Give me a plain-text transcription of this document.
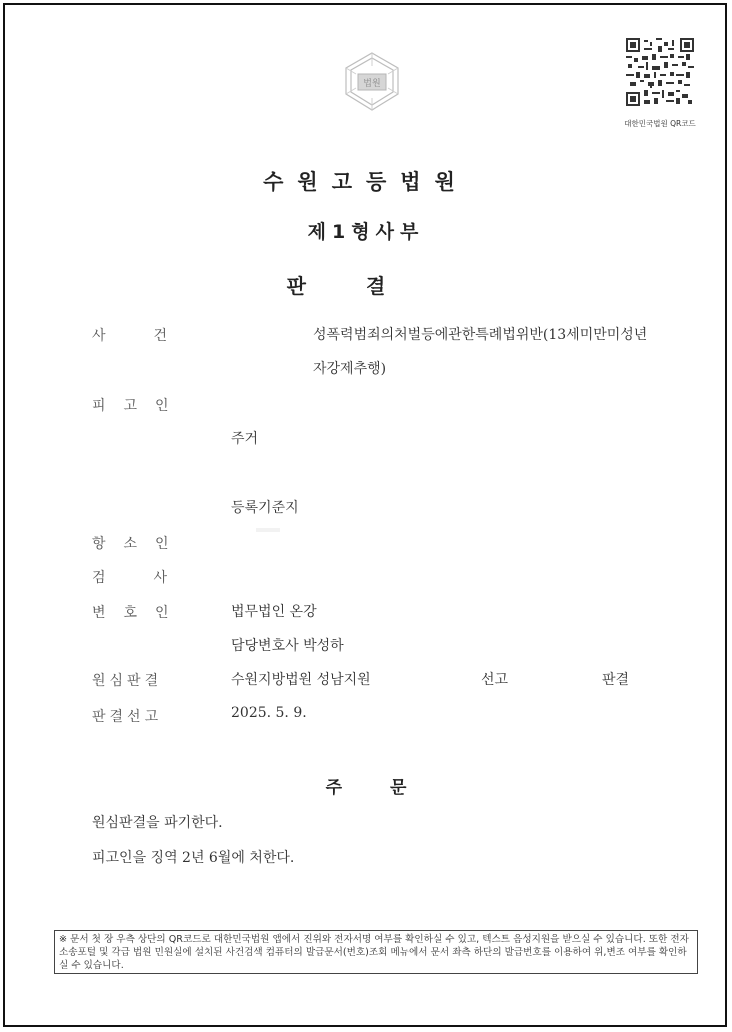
법원
대한민국법원 QR코드
수원고등법원
제1형사부
판결
사건	성폭력범죄의처벌등에관한특례법위반(13세미만미성년
자강제추행)
피고인
주거
등록기준지
항소인
검사
변호인	법무법인 온강
담당변호사 박성하
원심판결	수원지방법원 성남지원	선고	판결
판결선고	2025. 5. 9.
주문
원심판결을 파기한다.
피고인을 징역 2년 6월에 처한다.
※ 문서 첫 장 우측 상단의 QR코드로 대한민국법원 앱에서 진위와 전자서명 여부를 확인하실 수 있고, 텍스트 음성지원을 받으실 수 있습니다. 또한 전자소송포털 및 각급 법원 민원실에 설치된 사건검색 컴퓨터의 발급문서(번호)조회 메뉴에서 문서 좌측 하단의 발급번호를 이용하여 위,변조 여부를 확인하실 수 있습니다.
